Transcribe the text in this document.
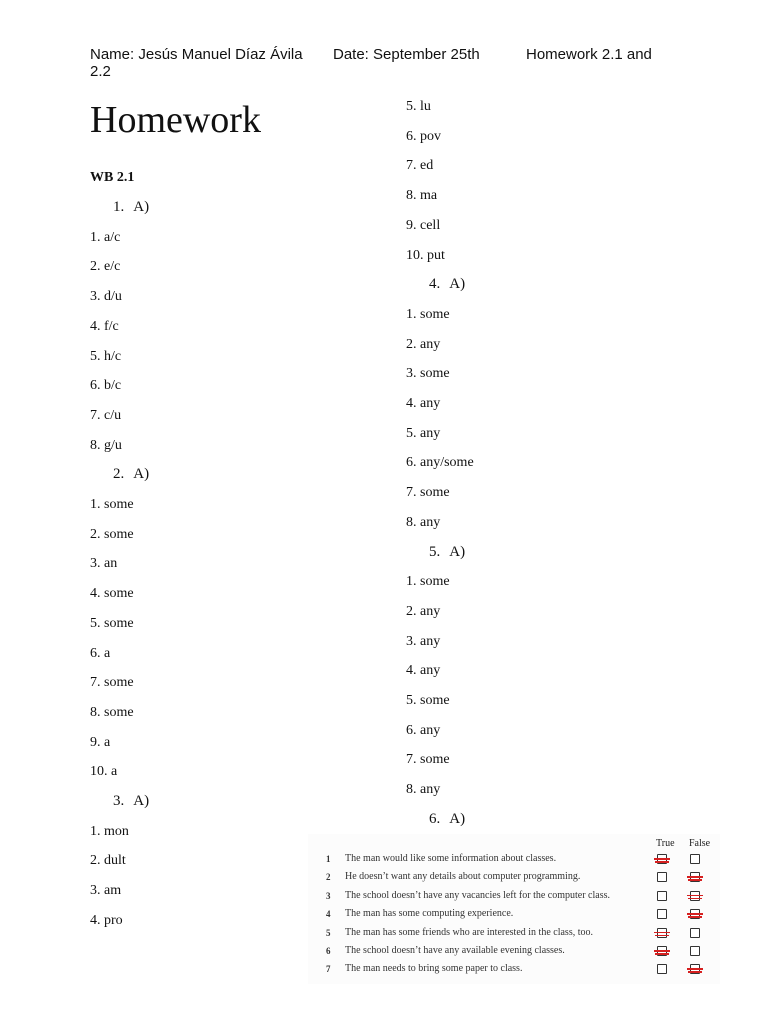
Name: Jesús Manuel Díaz Ávila Date: September 25th	Homework 2.1 and
2.2
Homework
WB 2.1
1. A)
1. a/c
2. e/c
3. d/u
4. f/c
5. h/c
6. b/c
7. c/u
8. g/u
2. A)
1. some
2. some
3. an
4. some
5. some
6. a
7. some
8. some
9. a
10. a
3. A)
1. mon
2. dult
3. am
4. pro
5. lu
6. pov
7. ed
8. ma
9. cell
10. put
4. A)
1. some
2. any
3. some
4. any
5. any
6. any/some
7. some
8. any
5. A)
1. some
2. any
3. any
4. any
5. some
6. any
7. some
8. any
6. A)
True False
1 The man would like some information about classes.
2 He doesn’t want any details about computer programming.
3 The school doesn’t have any vacancies left for the computer class.
4 The man has some computing experience.
5 The man has some friends who are interested in the class, too.
6 The school doesn’t have any available evening classes.
7 The man needs to bring some paper to class.
